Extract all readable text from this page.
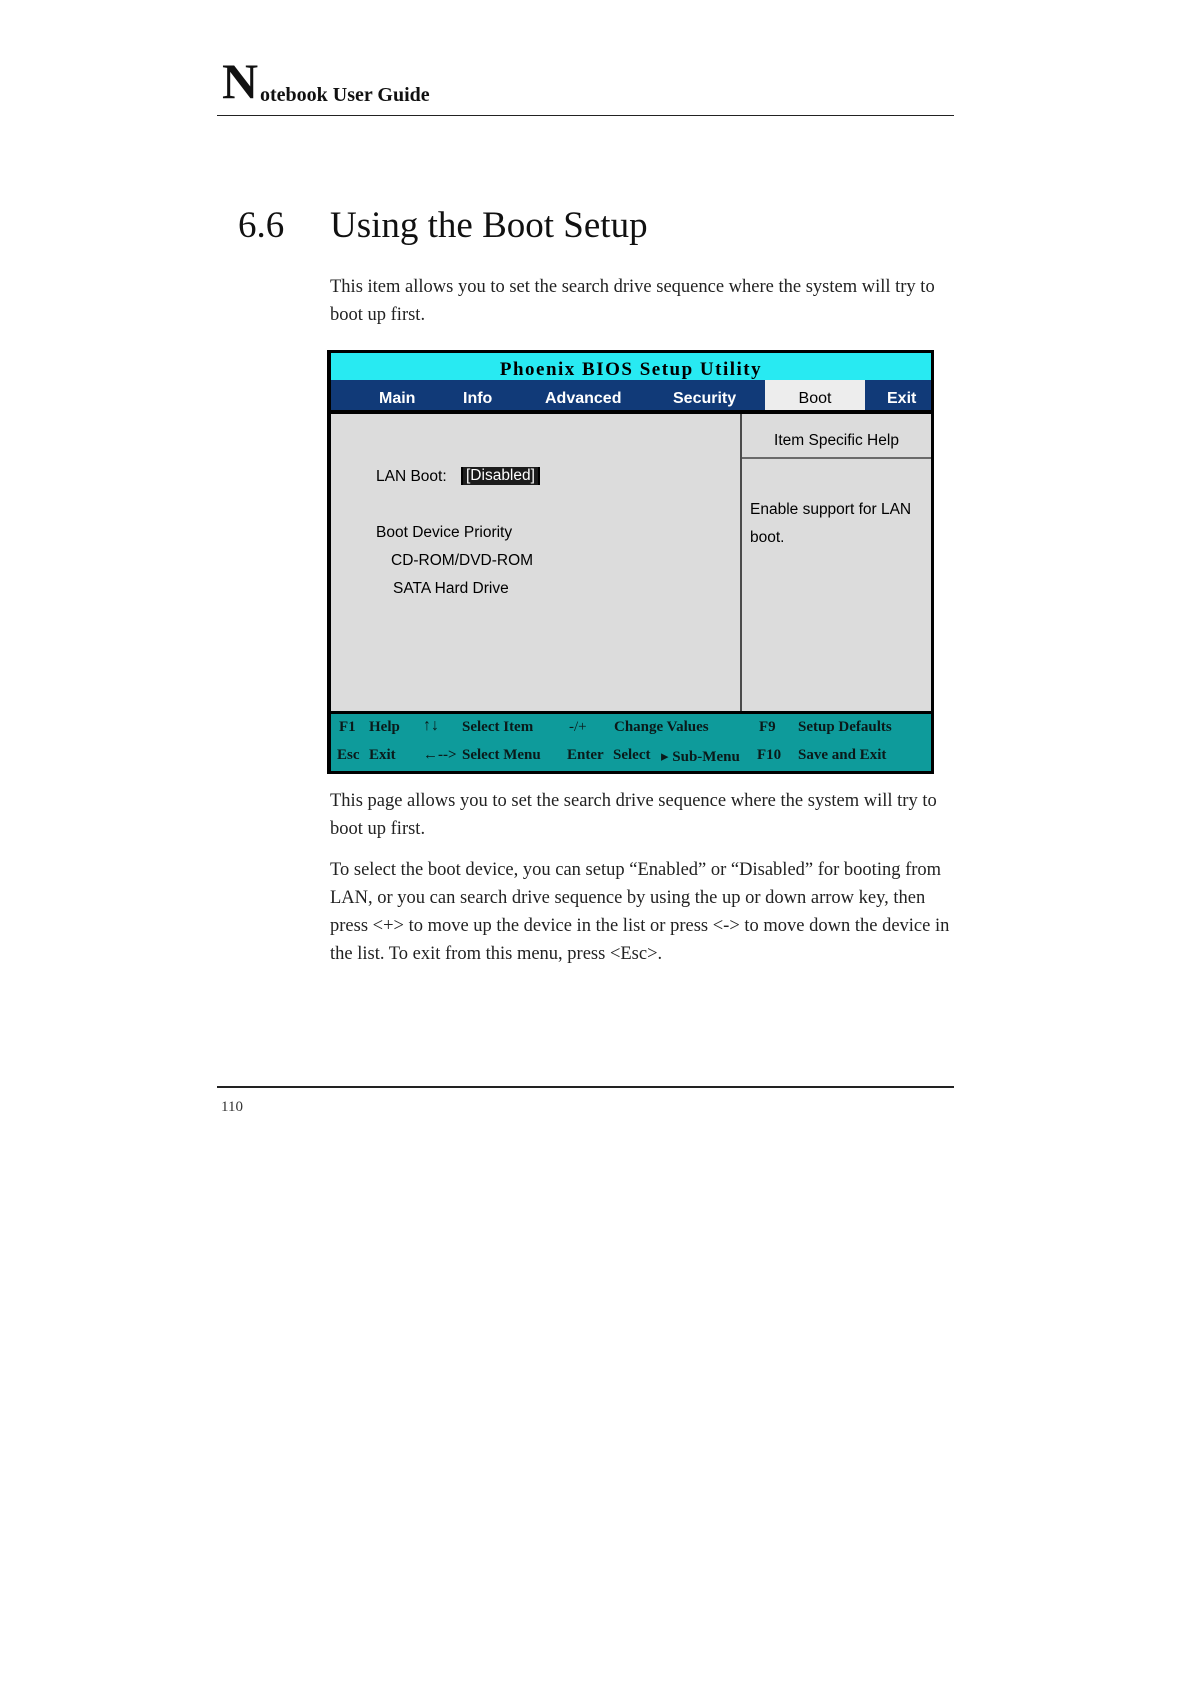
N otebook User Guide
6.6 Using the Boot Setup
This item allows you to set the search drive sequence where the system will try to boot up first.
Phoenix BIOS Setup Utility
Main	Info	Advanced	Security	Boot	Exit
LAN Boot:	[Disabled]
Boot Device Priority
CD-ROM/DVD-ROM
SATA Hard Drive
Item Specific Help
Enable support for LAN boot.
F1 Help ↑↓ Select Item -/+ Change Values	F9 Setup Defaults
Esc Exit ←--> Select Menu Enter Select ▸ Sub-Menu F10 Save and Exit
This page allows you to set the search drive sequence where the system will try to boot up first.
To select the boot device, you can setup “Enabled” or “Disabled” for booting from LAN, or you can search drive sequence by using the up or down arrow key, then press <+> to move up the device in the list or press <-> to move down the device in the list. To exit from this menu, press <Esc>.
110
